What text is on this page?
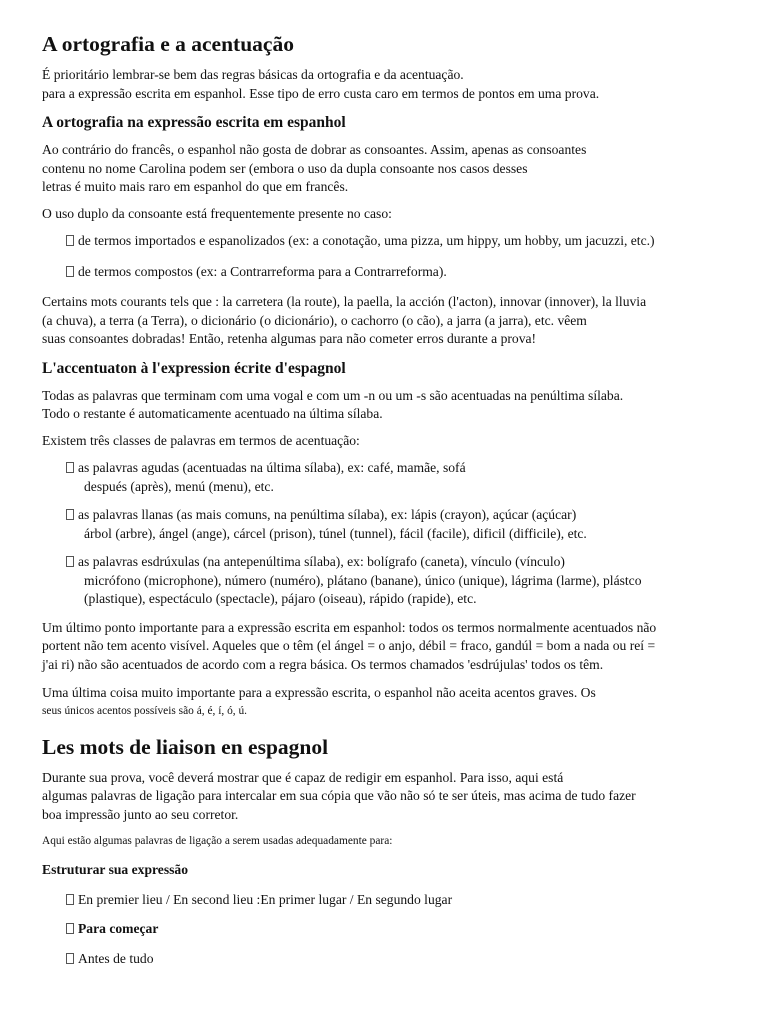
A ortografia e a acentuação

É prioritário lembrar-se bem das regras básicas da ortografia e da acentuação.
para a expressão escrita em espanhol. Esse tipo de erro custa caro em termos de pontos em uma prova.

A ortografia na expressão escrita em espanhol

Ao contrário do francês, o espanhol não gosta de dobrar as consoantes. Assim, apenas as consoantes
contenu no nome Carolina podem ser (embora o uso da dupla consoante nos casos desses
letras é muito mais raro em espanhol do que em francês.

O uso duplo da consoante está frequentemente presente no caso:

de termos importados e espanolizados (ex: a conotação, uma pizza, um hippy, um hobby, um jacuzzi, etc.)

de termos compostos (ex: a Contrarreforma para a Contrarreforma).

Certains mots courants tels que : la carretera (la route), la paella, la acción (l'acton), innovar (innover), la lluvia
(a chuva), a terra (a Terra), o dicionário (o dicionário), o cachorro (o cão), a jarra (a jarra), etc. vêem
suas consoantes dobradas! Então, retenha algumas para não cometer erros durante a prova!

L'accentuaton à l'expression écrite d'espagnol

Todas as palavras que terminam com uma vogal e com um -n ou um -s são acentuadas na penúltima sílaba.
Todo o restante é automaticamente acentuado na última sílaba.

Existem três classes de palavras em termos de acentuação:

as palavras agudas (acentuadas na última sílaba), ex: café, mamãe, sofá
después (après), menú (menu), etc.

as palavras llanas (as mais comuns, na penúltima sílaba), ex: lápis (crayon), açúcar (açúcar)
árbol (arbre), ángel (ange), cárcel (prison), túnel (tunnel), fácil (facile), dificil (difficile), etc.

as palavras esdrúxulas (na antepenúltima sílaba), ex: bolígrafo (caneta), vínculo (vínculo)
micrófono (microphone), número (numéro), plátano (banane), único (unique), lágrima (larme), plástco
(plastique), espectáculo (spectacle), pájaro (oiseau), rápido (rapide), etc.

Um último ponto importante para a expressão escrita em espanhol: todos os termos normalmente acentuados não
portent não tem acento visível. Aqueles que o têm (el ángel = o anjo, débil = fraco, gandúl = bom a nada ou reí =
j'ai ri) não são acentuados de acordo com a regra básica. Os termos chamados 'esdrújulas' todos os têm.

Uma última coisa muito importante para a expressão escrita, o espanhol não aceita acentos graves. Os
seus únicos acentos possíveis são á, é, í, ó, ú.

Les mots de liaison en espagnol

Durante sua prova, você deverá mostrar que é capaz de redigir em espanhol. Para isso, aqui está
algumas palavras de ligação para intercalar em sua cópia que vão não só te ser úteis, mas acima de tudo fazer
boa impressão junto ao seu corretor.

Aqui estão algumas palavras de ligação a serem usadas adequadamente para:

Estruturar sua expressão

En premier lieu / En second lieu :En primer lugar / En segundo lugar

Para começar

Antes de tudo
